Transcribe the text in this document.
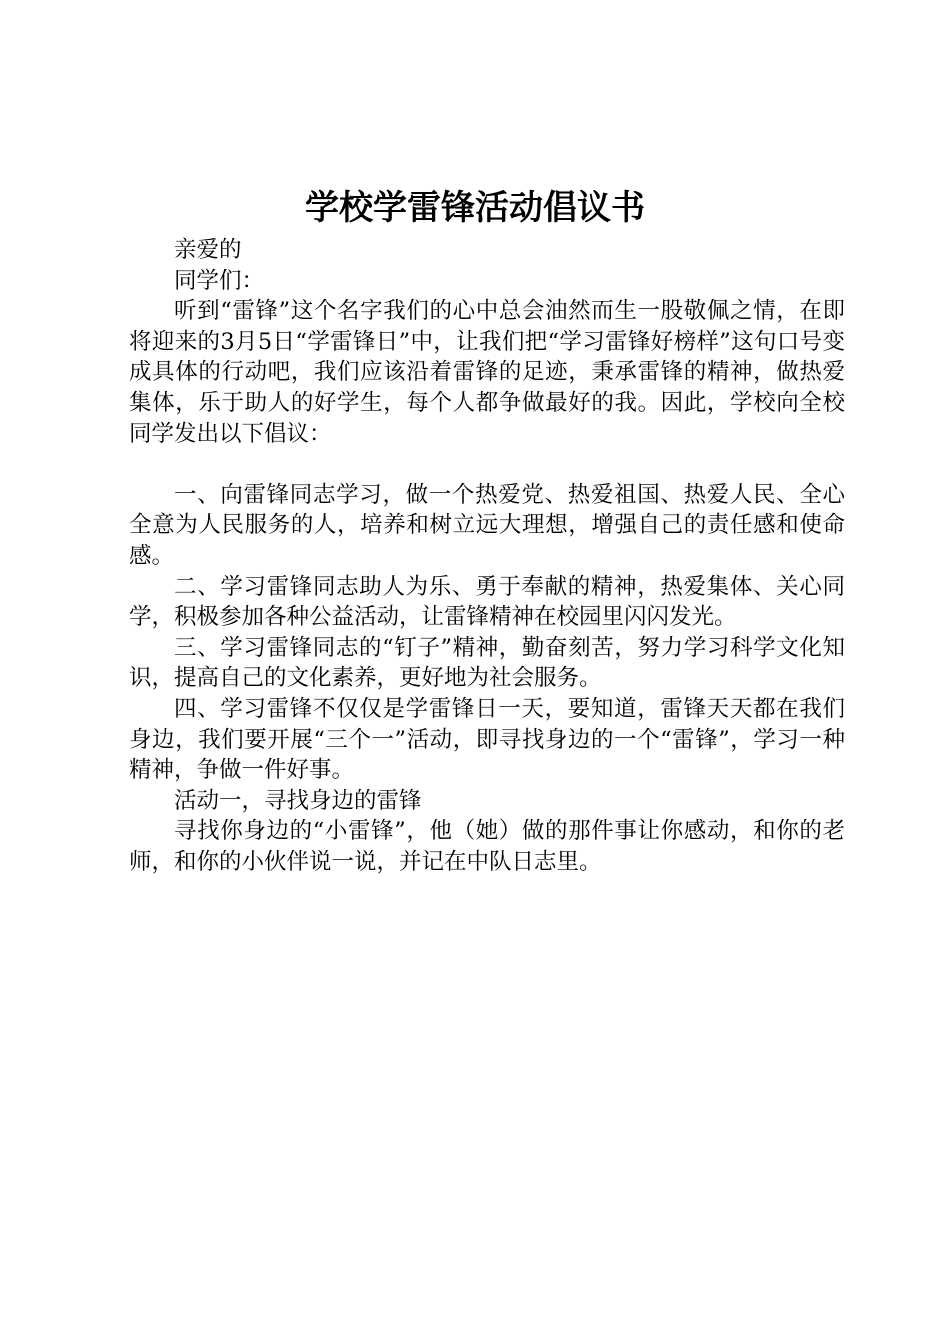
学校学雷锋活动倡议书

亲爱的

同学们：

听到“雷锋”这个名字我们的心中总会油然而生一股敬佩之情，在即将迎来的3月5日“学雷锋日”中，让我们把“学习雷锋好榜样”这句口号变成具体的行动吧，我们应该沿着雷锋的足迹，秉承雷锋的精神，做热爱集体，乐于助人的好学生，每个人都争做最好的我。因此，学校向全校同学发出以下倡议：

一、向雷锋同志学习，做一个热爱党、热爱祖国、热爱人民、全心全意为人民服务的人，培养和树立远大理想，增强自己的责任感和使命感。

二、学习雷锋同志助人为乐、勇于奉献的精神，热爱集体、关心同学，积极参加各种公益活动，让雷锋精神在校园里闪闪发光。

三、学习雷锋同志的“钉子”精神，勤奋刻苦，努力学习科学文化知识，提高自己的文化素养，更好地为社会服务。

四、学习雷锋不仅仅是学雷锋日一天，要知道，雷锋天天都在我们身边，我们要开展“三个一”活动，即寻找身边的一个“雷锋”，学习一种精神，争做一件好事。

活动一，寻找身边的雷锋

寻找你身边的“小雷锋”，他（她）做的那件事让你感动，和你的老师，和你的小伙伴说一说，并记在中队日志里。
